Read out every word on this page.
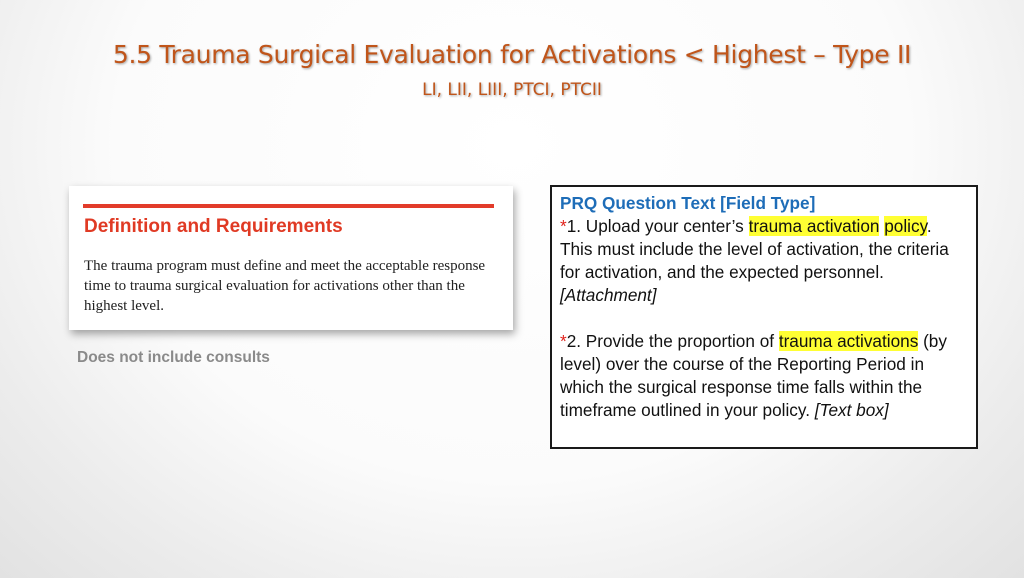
5.5 Trauma Surgical Evaluation for Activations < Highest – Type II
LI, LII, LIII, PTCI, PTCII
Definition and Requirements
The trauma program must define and meet the acceptable response time to trauma surgical evaluation for activations other than the highest level.
Does not include consults

PRQ Question Text [Field Type]

*1. Upload your center’s trauma activation policy. This must include the level of activation, the criteria for activation, and the expected personnel. [Attachment]

*2. Provide the proportion of trauma activations (by level) over the course of the Reporting Period in which the surgical response time falls within the timeframe outlined in your policy. [Text box]
